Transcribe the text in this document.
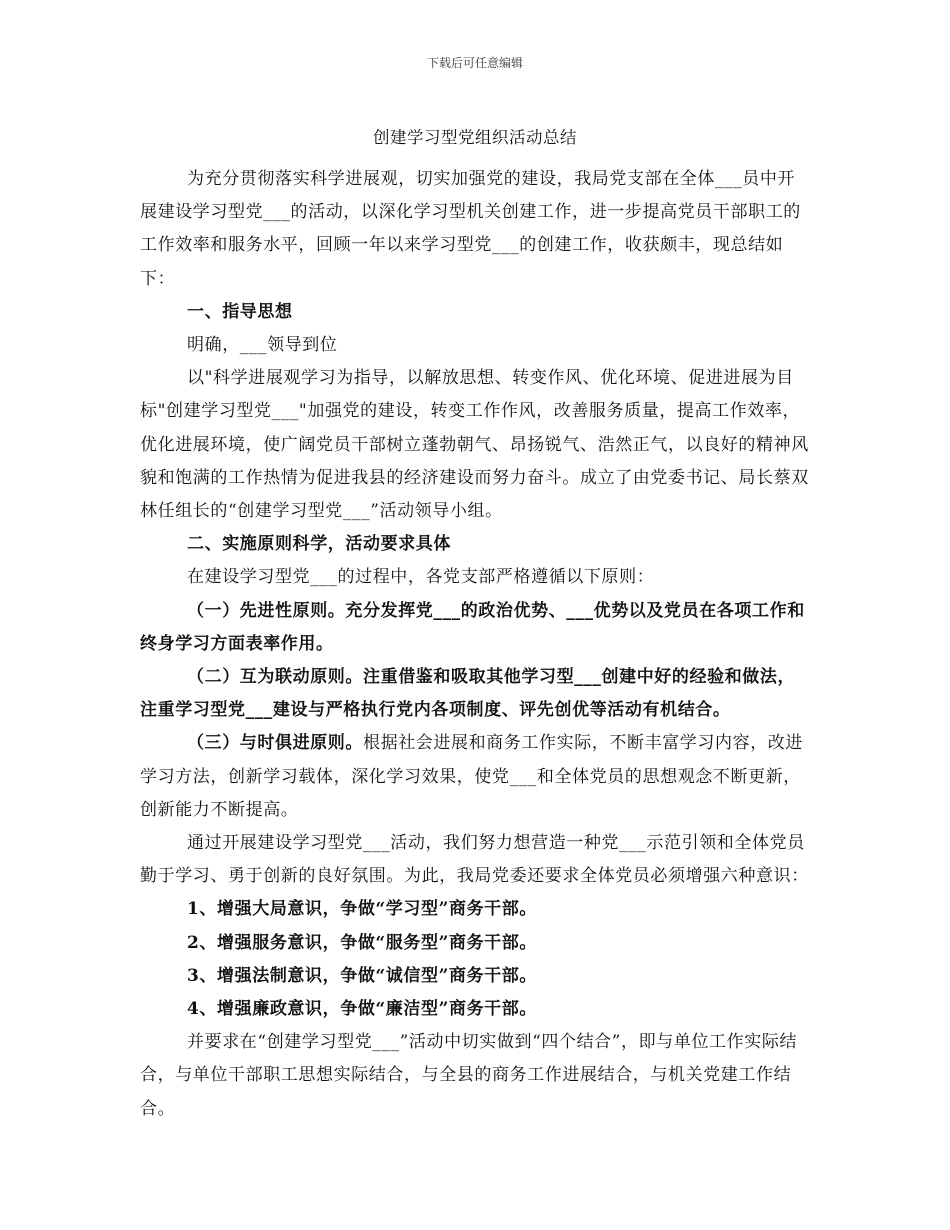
下载后可任意编辑
创建学习型党组织活动总结

为充分贯彻落实科学进展观，切实加强党的建设，我局党支部在全体___员中开展建设学习型党___的活动，以深化学习型机关创建工作，进一步提高党员干部职工的工作效率和服务水平，回顾一年以来学习型党___的创建工作，收获颇丰，现总结如下：

一、指导思想

明确，___领导到位

以"科学进展观学习为指导，以解放思想、转变作风、优化环境、促进进展为目标"创建学习型党___"加强党的建设，转变工作作风，改善服务质量，提高工作效率，优化进展环境，使广阔党员干部树立蓬勃朝气、昂扬锐气、浩然正气，以良好的精神风貌和饱满的工作热情为促进我县的经济建设而努力奋斗。成立了由党委书记、局长蔡双林任组长的“创建学习型党___”活动领导小组。

二、实施原则科学，活动要求具体

在建设学习型党___的过程中，各党支部严格遵循以下原则：

（一）先进性原则。充分发挥党___的政治优势、___优势以及党员在各项工作和终身学习方面表率作用。

（二）互为联动原则。注重借鉴和吸取其他学习型___创建中好的经验和做法，注重学习型党___建设与严格执行党内各项制度、评先创优等活动有机结合。

（三）与时俱进原则。根据社会进展和商务工作实际，不断丰富学习内容，改进学习方法，创新学习载体，深化学习效果，使党___和全体党员的思想观念不断更新，创新能力不断提高。

通过开展建设学习型党___活动，我们努力想营造一种党___示范引领和全体党员勤于学习、勇于创新的良好氛围。为此，我局党委还要求全体党员必须增强六种意识：

1、增强大局意识，争做“学习型”商务干部。

2、增强服务意识，争做“服务型”商务干部。

3、增强法制意识，争做“诚信型”商务干部。

4、增强廉政意识，争做“廉洁型”商务干部。

并要求在“创建学习型党___”活动中切实做到“四个结合”，即与单位工作实际结合，与单位干部职工思想实际结合，与全县的商务工作进展结合，与机关党建工作结合。
